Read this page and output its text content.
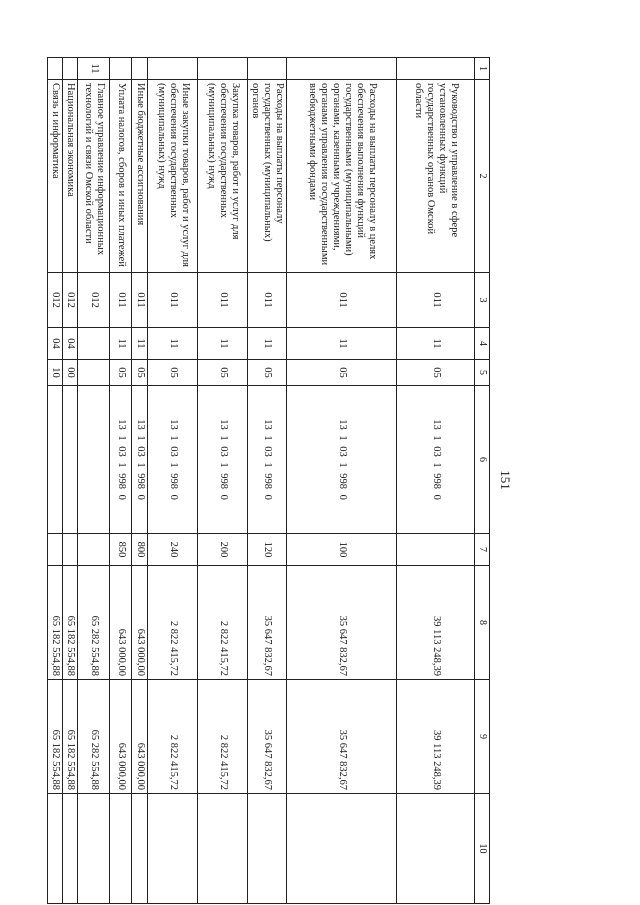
151
1	2	3	4	5	6	7	8	9	10
	Руководство и управление в сфере установленных функций государственных органов Омской области	011	11	05	13 1 03 1 998 0		39 113 248,39	39 113 248,39	
	Расходы на выплаты персоналу в целях обеспечения выполнения функций государственными (муниципальными) органами, казенными учреждениями, органами управления государственными внебюджетными фондами	011	11	05	13 1 03 1 998 0	100	35 647 832,67	35 647 832,67	
	Расходы на выплаты персоналу государственных (муниципальных) органов	011	11	05	13 1 03 1 998 0	120	35 647 832,67	35 647 832,67	
	Закупка товаров, работ и услуг для обеспечения государственных (муниципальных) нужд	011	11	05	13 1 03 1 998 0	200	2 822 415,72	2 822 415,72	
	Иные закупки товаров, работ и услуг для обеспечения государственных (муниципальных) нужд	011	11	05	13 1 03 1 998 0	240	2 822 415,72	2 822 415,72	
	Иные бюджетные ассигнования	011	11	05	13 1 03 1 998 0	800	643 000,00	643 000,00	
	Уплата налогов, сборов и иных платежей	011	11	05	13 1 03 1 998 0	850	643 000,00	643 000,00	
11	Главное управление информационных технологий и связи Омской области	012					65 282 554,88	65 282 554,88	
	Национальная экономика	012	04	00			65 182 554,88	65 182 554,88	
	Связь и информатика	012	04	10			65 182 554,88	65 182 554,88	
